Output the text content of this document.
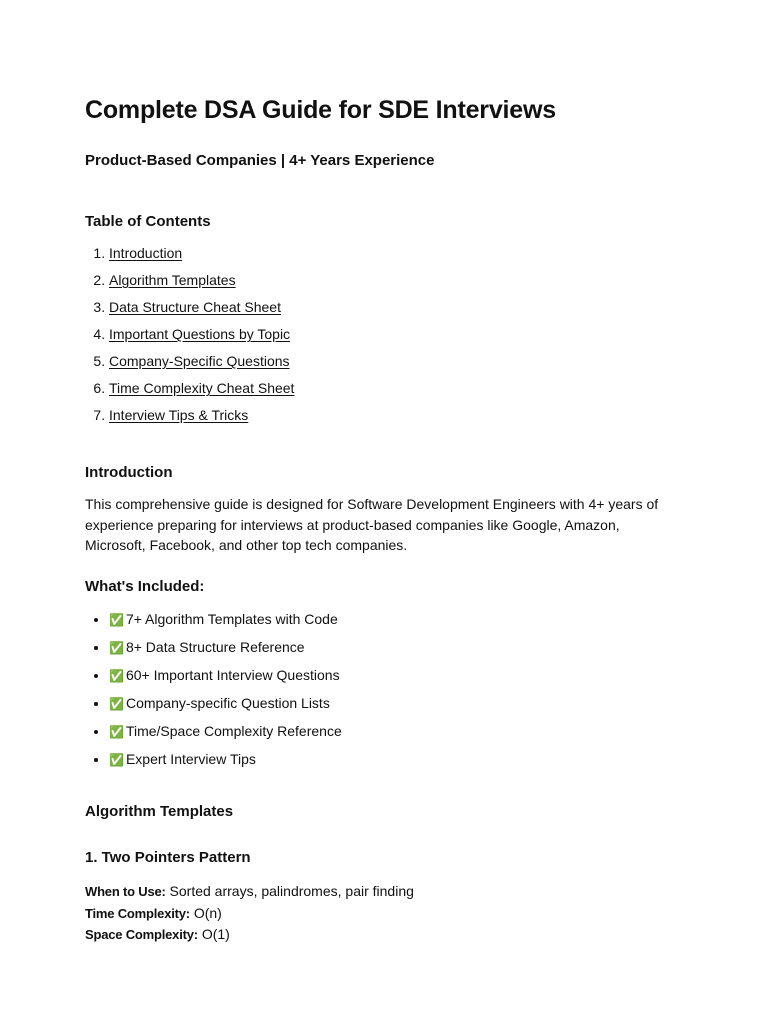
Complete DSA Guide for SDE Interviews

Product-Based Companies | 4+ Years Experience

Table of Contents
1. Introduction
2. Algorithm Templates
3. Data Structure Cheat Sheet
4. Important Questions by Topic
5. Company-Specific Questions
6. Time Complexity Cheat Sheet
7. Interview Tips & Tricks
Introduction

This comprehensive guide is designed for Software Development Engineers with 4+ years of experience preparing for interviews at product-based companies like Google, Amazon, Microsoft, Facebook, and other top tech companies.

What's Included:
• ✅ 7+ Algorithm Templates with Code
• ✅ 8+ Data Structure Reference
• ✅ 60+ Important Interview Questions
• ✅ Company-specific Question Lists
• ✅ Time/Space Complexity Reference
• ✅ Expert Interview Tips
Algorithm Templates
1. Two Pointers Pattern
When to Use: Sorted arrays, palindromes, pair finding
Time Complexity: O(n)
Space Complexity: O(1)
